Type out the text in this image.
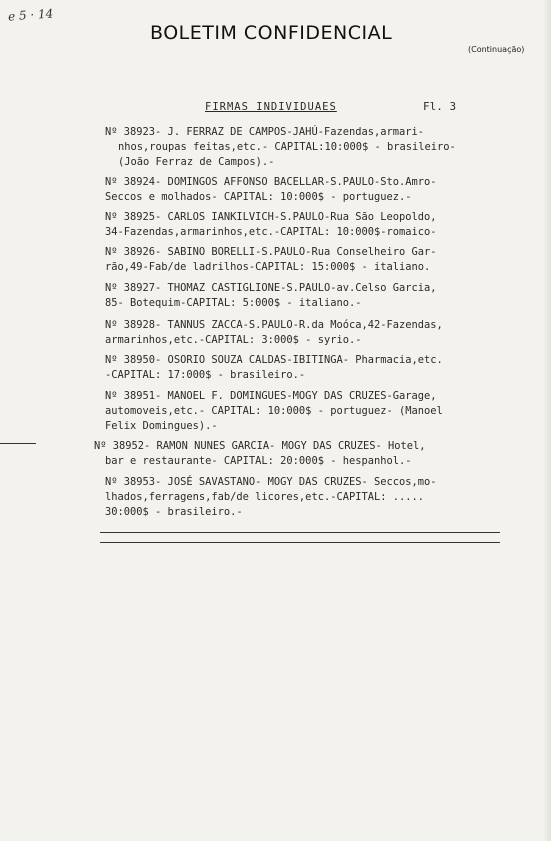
e 5 · 14
BOLETIM CONFIDENCIAL
(Continuação)
FIRMAS INDIVIDUAES	Fl. 3
Nº 38923- J. FERRAZ DE CAMPOS-JAHÚ-Fazendas,armari-
nhos,roupas feitas,etc.- CAPITAL:10:000$ - brasileiro-
(João Ferraz de Campos).-
Nº 38924- DOMINGOS AFFONSO BACELLAR-S.PAULO-Sto.Amro-
Seccos e molhados- CAPITAL: 10:000$ - portuguez.-
Nº 38925- CARLOS IANKILVICH-S.PAULO-Rua São Leopoldo,
34-Fazendas,armarinhos,etc.-CAPITAL: 10:000$-romaico-
Nº 38926- SABINO BORELLI-S.PAULO-Rua Conselheiro Gar-
rão,49-Fab/de ladrilhos-CAPITAL: 15:000$ - italiano.
Nº 38927- THOMAZ CASTIGLIONE-S.PAULO-av.Celso Garcia,
85- Botequim-CAPITAL: 5:000$ - italiano.-
Nº 38928- TANNUS ZACCA-S.PAULO-R.da Moóca,42-Fazendas,
armarinhos,etc.-CAPITAL: 3:000$ - syrio.-
Nº 38950- OSORIO SOUZA CALDAS-IBITINGA- Pharmacia,etc.
-CAPITAL: 17:000$ - brasileiro.-
Nº 38951- MANOEL F. DOMINGUES-MOGY DAS CRUZES-Garage,
automoveis,etc.- CAPITAL: 10:000$ - portuguez- (Manoel
Felix Domingues).-
Nº 38952- RAMON NUNES GARCIA- MOGY DAS CRUZES- Hotel,
bar e restaurante- CAPITAL: 20:000$ - hespanhol.-
Nº 38953- JOSÉ SAVASTANO- MOGY DAS CRUZES- Seccos,mo-
lhados,ferragens,fab/de licores,etc.-CAPITAL: .....
30:000$ - brasileiro.-
